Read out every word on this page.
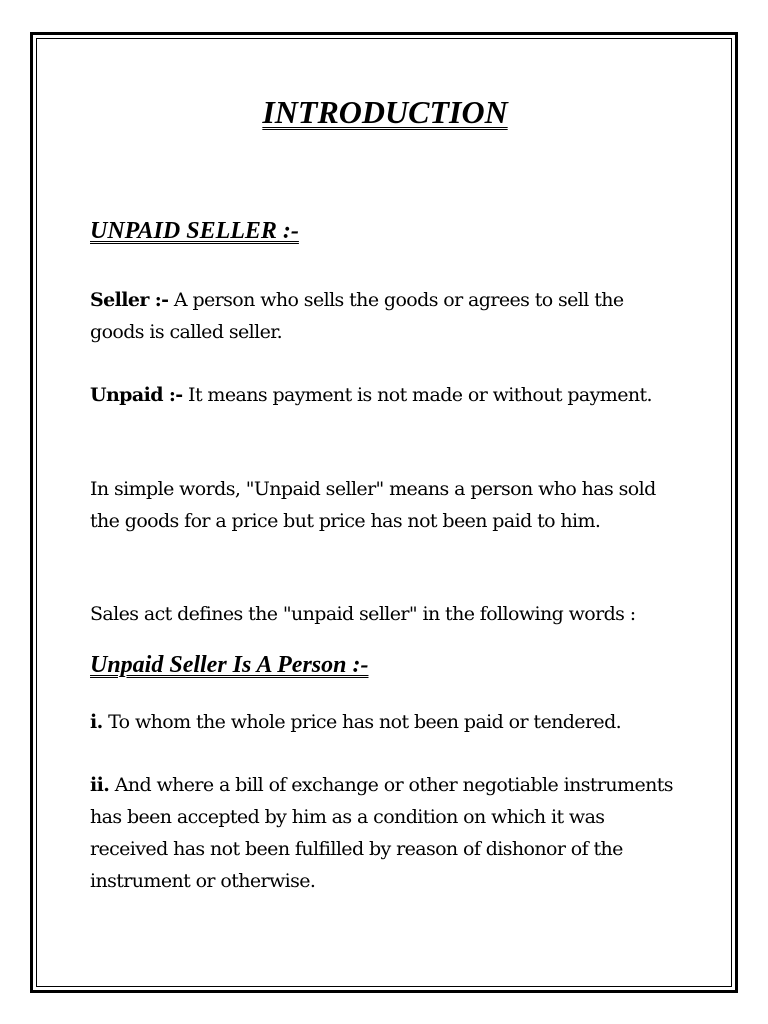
INTRODUCTION
UNPAID SELLER :-
Seller :- A person who sells the goods or agrees to sell the goods is called seller.
Unpaid :- It means payment is not made or without payment.
In simple words, "Unpaid seller" means a person who has sold the goods for a price but price has not been paid to him.
Sales act defines the "unpaid seller" in the following words :
Unpaid Seller Is A Person :-
i. To whom the whole price has not been paid or tendered.
ii. And where a bill of exchange or other negotiable instruments has been accepted by him as a condition on which it was received has not been fulfilled by reason of dishonor of the instrument or otherwise.
